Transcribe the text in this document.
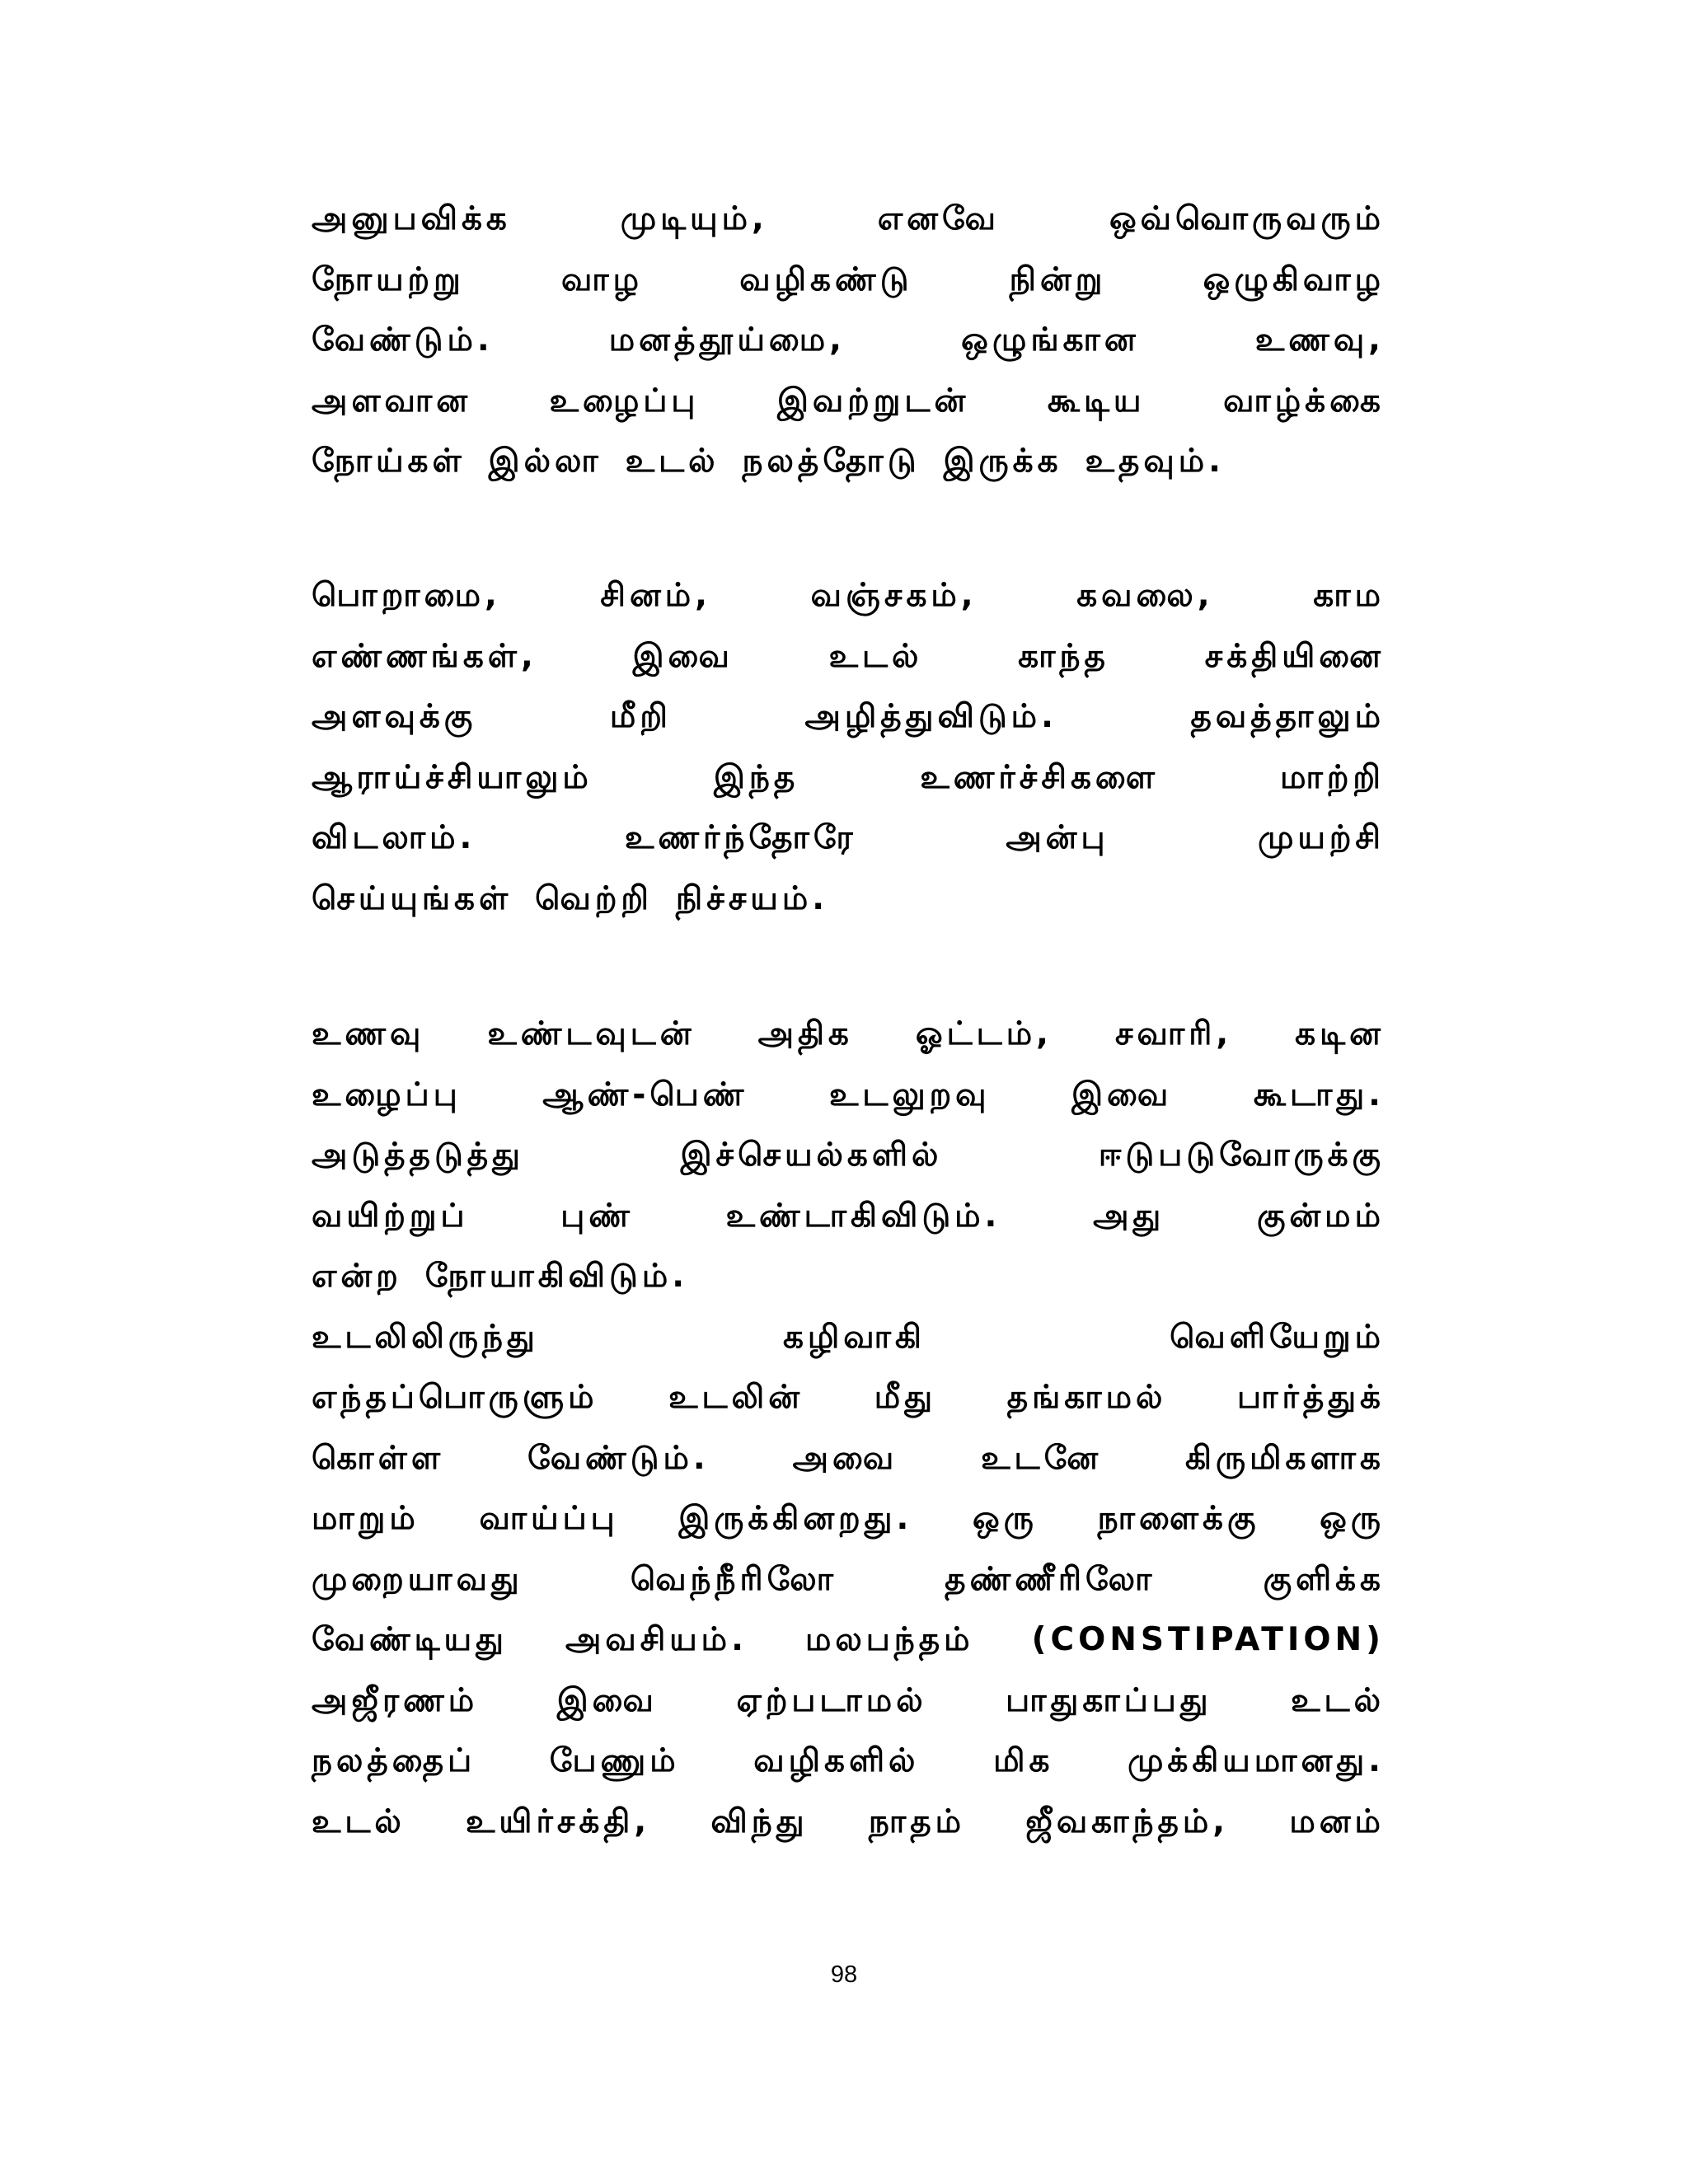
அனுபவிக்க	முடியும்,	எனவே	ஒவ்வொருவரும்
நோயற்று	வாழ	வழிகண்டு	நின்று	ஒழுகிவாழ
வேண்டும்.	மனத்தூய்மை,	ஒழுங்கான	உணவு,
அளவான உழைப்பு இவற்றுடன் கூடிய வாழ்க்கை
நோய்கள் இல்லா உடல் நலத்தோடு இருக்க உதவும்.
பொறாமை,	சினம்,	வஞ்சகம்,	கவலை,	காம
எண்ணங்கள்,	இவை	உடல்	காந்த	சக்தியினை
அளவுக்கு	மீறி	அழித்துவிடும்.	தவத்தாலும்
ஆராய்ச்சியாலும்	இந்த	உணர்ச்சிகளை	மாற்றி
விடலாம்.	உணர்ந்தோரே	அன்பு	முயற்சி
செய்யுங்கள் வெற்றி நிச்சயம்.
உணவு உண்டவுடன் அதிக ஓட்டம், சவாரி, கடின
உழைப்பு	ஆண்-பெண்	உடலுறவு	இவை	கூடாது.
அடுத்தடுத்து	இச்செயல்களில்	ஈடுபடுவோருக்கு
வயிற்றுப்	புண்	உண்டாகிவிடும்.	அது	குன்மம்
என்ற நோயாகிவிடும்.
உடலிலிருந்து	கழிவாகி	வெளியேறும்
எந்தப்பொருளும் உடலின் மீது தங்காமல் பார்த்துக்
கொள்ள	வேண்டும்.	அவை	உடனே	கிருமிகளாக
மாறும் வாய்ப்பு இருக்கினறது. ஒரு நாளைக்கு ஒரு
முறையாவது	வெந்நீரிலோ	தண்ணீரிலோ	குளிக்க
வேண்டியது அவசியம். மலபந்தம் (CONSTIPATION)
அஜீரணம் இவை ஏற்படாமல் பாதுகாப்பது உடல்
நலத்தைப் பேணும் வழிகளில் மிக முக்கியமானது.
உடல் உயிர்சக்தி, விந்து நாதம் ஜீவகாந்தம், மனம்
98
